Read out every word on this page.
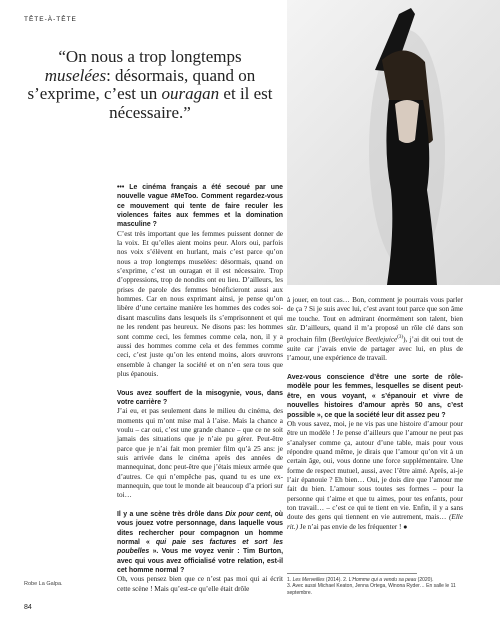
TÊTE-À-TÊTE
“On nous a trop longtemps muselées: désormais, quand on s’exprime, c’est un ouragan et il est nécessaire.”

••• Le cinéma français a été secoué par une nouvelle vague #MeToo. Comment regardez-vous ce mouvement qui tente de faire reculer les violences faites aux femmes et la domination masculine ?

C’est très important que les femmes puissent donner de la voix. Et qu’elles aient moins peur. Alors oui, parfois nos voix s’élèvent en hurlant, mais c’est parce qu’on nous a trop longtemps muselées: désormais, quand on s’exprime, c’est un ouragan et il est nécessaire. Trop d’oppressions, trop de nondits ont eu lieu. D’ailleurs, les prises de parole des femmes bénéficieront aussi aux hommes. Car en nous exprimant ainsi, je pense qu’on libère d’une certaine manière les hommes des codes soi-disant masculins dans lesquels ils s’emprisonnent et qui ne les rendent pas heureux. Ne disons pas: les hommes sont comme ceci, les femmes comme cela, non, il y a aussi des hommes comme cela et des femmes comme ceci, c’est juste qu’on les entend moins, alors œuvrons ensemble à changer la société et on n’en sera tous que plus épanouis.

Vous avez souffert de la misogynie, vous, dans votre carrière ?

J’ai eu, et pas seulement dans le milieu du cinéma, des moments qui m’ont mise mal à l’aise. Mais la chance a voulu – car oui, c’est une grande chance – que ce ne soit jamais des situations que je n’aie pu gérer. Peut-être parce que je n’ai fait mon premier film qu’à 25 ans: je suis arrivée dans le cinéma après des années de mannequinat, donc peut-être que j’étais mieux armée que d’autres. Ce qui n’empêche pas, quand tu es une ex-mannequin, que tout le monde ait beaucoup d’a priori sur toi…

Il y a une scène très drôle dans Dix pour cent, où vous jouez votre personnage, dans laquelle vous dites rechercher pour compagnon un homme normal « qui paie ses factures et sort les poubelles ». Vous me voyez venir : Tim Burton, avec qui vous avez officialisé votre relation, est-il cet homme normal ?

Oh, vous pensez bien que ce n’est pas moi qui ai écrit cette scène ! Mais qu’est-ce qu’elle était drôle

à jouer, en tout cas… Bon, comment je pourrais vous parler de ça ? Si je suis avec lui, c’est avant tout parce que son âme me touche. Tout en admirant énormément son talent, bien sûr. D’ailleurs, quand il m’a proposé un rôle clé dans son prochain film (Beetlejuice Beetlejuice$^{(3)}$), j’ai dit oui tout de suite car j’avais envie de partager avec lui, en plus de l’amour, une expérience de travail.

Avez-vous conscience d’être une sorte de rôle-modèle pour les femmes, lesquelles se disent peut-être, en vous voyant, « s’épanouir et vivre de nouvelles histoires d’amour après 50 ans, c’est possible », ce que la société leur dit assez peu ?

Oh vous savez, moi, je ne vis pas une histoire d’amour pour être un modèle ! Je pense d’ailleurs que l’amour ne peut pas s’analyser comme ça, autour d’une table, mais pour vous répondre quand même, je dirais que l’amour qu’on vit à un certain âge, oui, vous donne une force supplémentaire. Une forme de respect mutuel, aussi, avec l’être aimé. Après, ai-je l’air épanouie ? Eh bien… Oui, je dois dire que l’amour me fait du bien. L’amour sous toutes ses formes – pour la personne qui t’aime et que tu aimes, pour tes enfants, pour ton travail… – c’est ce qui te tient en vie. Enfin, il y a sans doute des gens qui tiennent en vie autrement, mais… (Elle rit.) Je n’ai pas envie de les fréquenter ! ●

1. Les Merveilles (2014). 2. L’Homme qui a vendu sa peau (2020).
3. Avec aussi Michael Keaton, Jenna Ortega, Winona Ryder… En salle le 11 septembre.
Robe La Galpa.
84
